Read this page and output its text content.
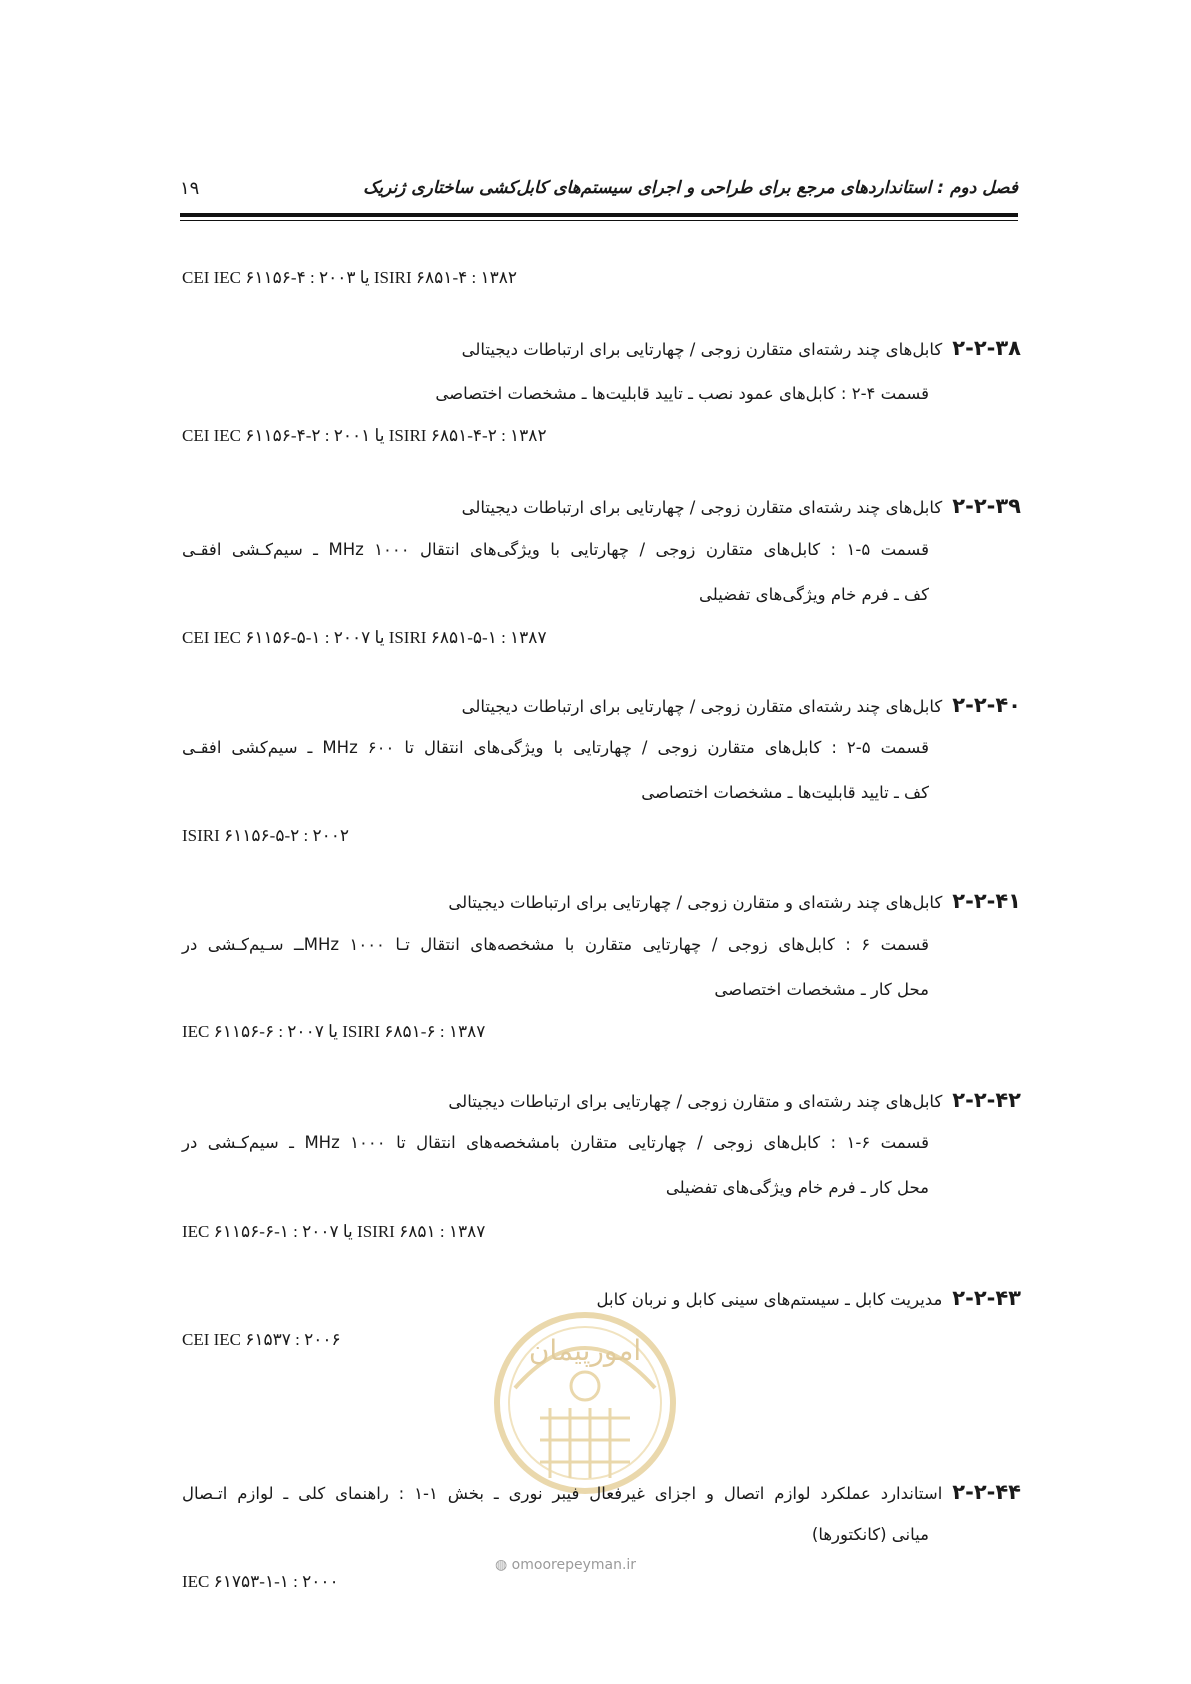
۱۹	فصل دوم : استانداردهای مرجع برای طراحی و اجرای سیستم‌های کابل‌کشی ساختاری ژنریک
CEI IEC ۶۱۱۵۶-۴ : ۲۰۰۳ یا ISIRI ۶۸۵۱-۴ : ۱۳۸۲
۲-۲-۳۸کابل‌های چند رشته‌ای متقارن زوجی / چهارتایی برای ارتباطات دیجیتالی
قسمت ۴-۲ : کابل‌های عمود نصب ـ تایید قابلیت‌ها ـ مشخصات اختصاصی
CEI IEC ۶۱۱۵۶-۴-۲ : ۲۰۰۱ یا ISIRI ۶۸۵۱-۴-۲ : ۱۳۸۲
۲-۲-۳۹کابل‌های چند رشته‌ای متقارن زوجی / چهارتایی برای ارتباطات دیجیتالی
قسمت ۵-۱ : کابل‌های متقارن زوجی / چهارتایی با ویژگی‌های انتقال MHz ۱۰۰۰ ـ سیم‌کـشی افقـی
کف ـ فرم خام ویژگی‌های تفضیلی
CEI IEC ۶۱۱۵۶-۵-۱ : ۲۰۰۷ یا ISIRI ۶۸۵۱-۵-۱ : ۱۳۸۷
۲-۲-۴۰کابل‌های چند رشته‌ای متقارن زوجی / چهارتایی برای ارتباطات دیجیتالی
قسمت ۵-۲ : کابل‌های متقارن زوجی / چهارتایی با ویژگی‌های انتقال تا MHz ۶۰۰ ـ سیم‌کشی افقـی
کف ـ تایید قابلیت‌ها ـ مشخصات اختصاصی
ISIRI ۶۱۱۵۶-۵-۲ : ۲۰۰۲
۲-۲-۴۱کابل‌های چند رشته‌ای و متقارن زوجی / چهارتایی برای ارتباطات دیجیتالی
قسمت ۶ : کابل‌های زوجی / چهارتایی متقارن با مشخصه‌های انتقال تـا MHz ۱۰۰۰ــ سـیم‌کـشی در
محل کار ـ مشخصات اختصاصی
IEC ۶۱۱۵۶-۶ : ۲۰۰۷ یا ISIRI ۶۸۵۱-۶ : ۱۳۸۷
۲-۲-۴۲کابل‌های چند رشته‌ای و متقارن زوجی / چهارتایی برای ارتباطات دیجیتالی
قسمت ۶-۱ : کابل‌های زوجی / چهارتایی متقارن بامشخصه‌های انتقال تا MHz ۱۰۰۰ ـ سیم‌کـشی در
محل کار ـ فرم خام ویژگی‌های تفضیلی
IEC ۶۱۱۵۶-۶-۱ : ۲۰۰۷ یا ISIRI ۶۸۵۱ : ۱۳۸۷
۲-۲-۴۳مدیریت کابل ـ سیستم‌های سینی کابل و نربان کابل
CEI IEC ۶۱۵۳۷ : ۲۰۰۶	امورپیمان
◍ omoorepeyman.ir
۲-۲-۴۴استاندارد عملکرد لوازم اتصال و اجزای غیرفعال فیبر نوری ـ بخش ۱-۱ : راهنمای کلی ـ لوازم اتـصال
میانی (کانکتورها)
IEC ۶۱۷۵۳-۱-۱ : ۲۰۰۰
